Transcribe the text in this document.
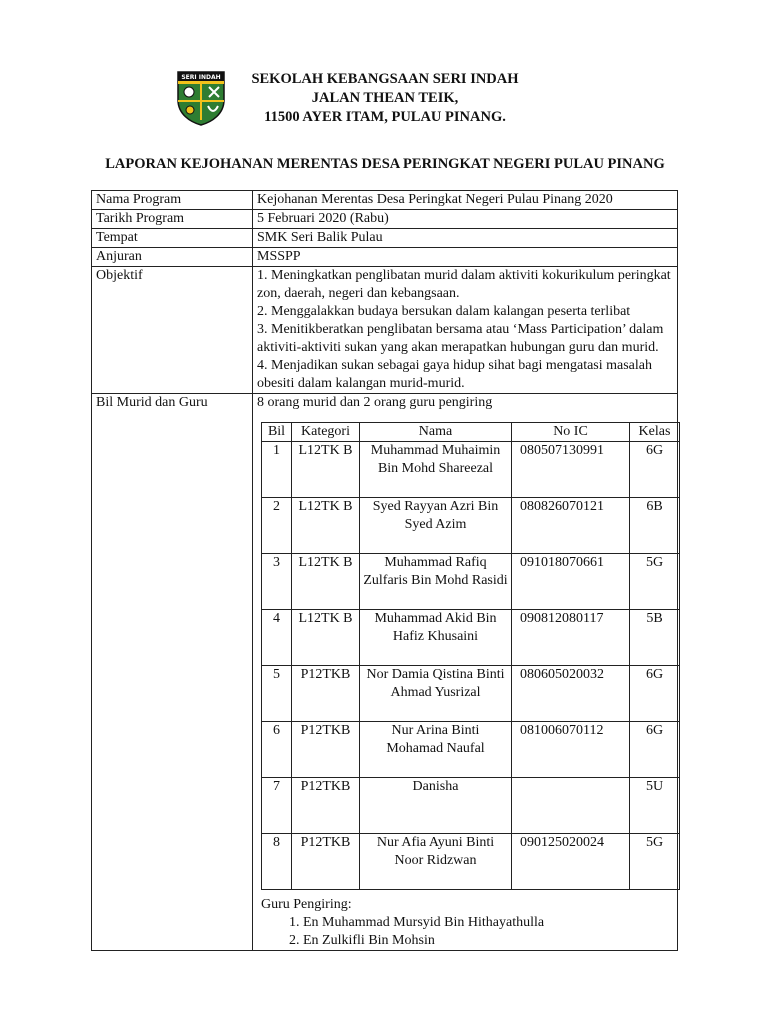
SERI INDAH	SEKOLAH KEBANGSAAN SERI INDAH
JALAN THEAN TEIK,
11500 AYER ITAM, PULAU PINANG.
LAPORAN KEJOHANAN MERENTAS DESA PERINGKAT NEGERI PULAU PINANG
Nama Program	Kejohanan Merentas Desa Peringkat Negeri Pulau Pinang 2020
Tarikh Program	5 Februari 2020 (Rabu)
Tempat	SMK Seri Balik Pulau
Anjuran	MSSPP
Objektif	1. Meningkatkan penglibatan murid dalam aktiviti kokurikulum peringkat zon, daerah, negeri dan kebangsaan.
2. Menggalakkan budaya bersukan dalam kalangan peserta terlibat
3. Menitikberatkan penglibatan bersama atau ‘Mass Participation’ dalam aktiviti-aktiviti sukan yang akan merapatkan hubungan guru dan murid.
4. Menjadikan sukan sebagai gaya hidup sihat bagi mengatasi masalah obesiti dalam kalangan murid-murid.

Bil Murid dan Guru	8 orang murid dan 2 orang guru pengiring
Bil	Kategori	Nama	No IC	Kelas
1	L12TK B	Muhammad Muhaimin Bin Mohd Shareezal	080507130991	6G
2	L12TK B	Syed Rayyan Azri Bin Syed Azim	080826070121	6B
3	L12TK B	Muhammad Rafiq Zulfaris Bin Mohd Rasidi	091018070661	5G
4	L12TK B	Muhammad Akid Bin Hafiz Khusaini	090812080117	5B
5	P12TKB	Nor Damia Qistina Binti Ahmad Yusrizal	080605020032	6G
6	P12TKB	Nur Arina Binti Mohamad Naufal	081006070112	6G
7	P12TKB	Danisha		5U
8	P12TKB	Nur Afia Ayuni Binti Noor Ridzwan	090125020024	5G
Guru Pengiring:
1. En Muhammad Mursyid Bin Hithayathulla
2. En Zulkifli Bin Mohsin
